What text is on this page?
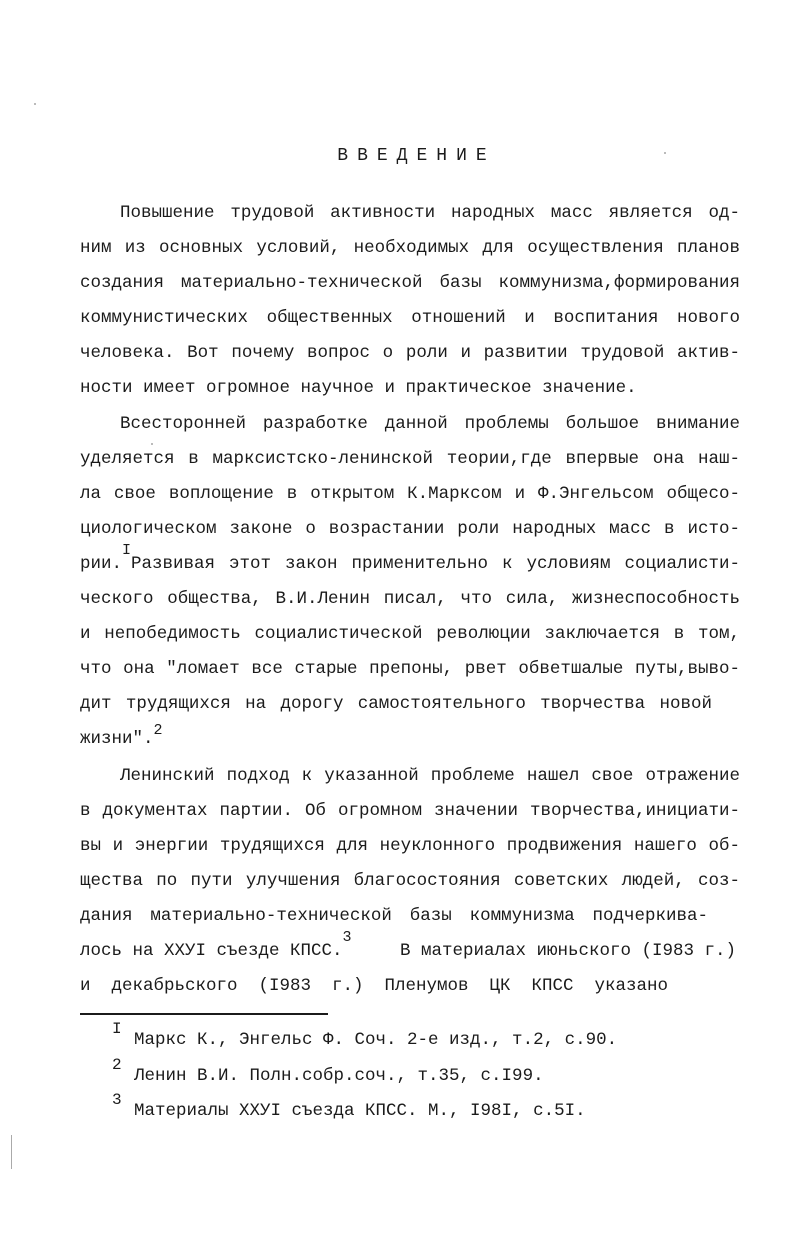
ВВЕДЕНИЕ
Повышение трудовой активности народных масс является од-
ним из основных условий, необходимых для осуществления планов
создания материально-технической базы коммунизма,формирования
коммунистических общественных отношений и воспитания нового
человека. Вот почему вопрос о роли и развитии трудовой актив-
ности имеет огромное научное и практическое значение.
Всесторонней разработке данной проблемы большое внимание
уделяется в марксистско-ленинской теории,где впервые она наш-
ла свое воплощение в открытом К.Марксом и Ф.Энгельсом общесо-
циологическом законе о возрастании роли народных масс в исто-
рии.
$^I$
Развивая этот закон применительно к условиям социалисти-
ческого общества, В.И.Ленин писал, что сила, жизнеспособность
и непобедимость социалистической революции заключается в том,
что она "ломает все старые препоны, рвет обветшалые путы,выво-
дит трудящихся на дорогу самостоятельного творчества новой
жизни".$^2$
Ленинский подход к указанной проблеме нашел свое отражение
в документах партии. Об огромном значении творчества,инициати-
вы и энергии трудящихся для неуклонного продвижения нашего об-
щества по пути улучшения благосостояния советских людей, соз-
дания материально-технической базы коммунизма подчеркива-
лось на XXУI съезде КПСС.
$^3$
В материалах июньского (I983 г.)
и декабрьского (I983 г.) Пленумов ЦК КПСС указано
I
Маркс К., Энгельс Ф. Соч. 2-е изд., т.2, с.90.
2
Ленин В.И. Полн.собр.соч., т.35, с.I99.
3
Материалы XXУI съезда КПСС. М., I98I, с.5I.
